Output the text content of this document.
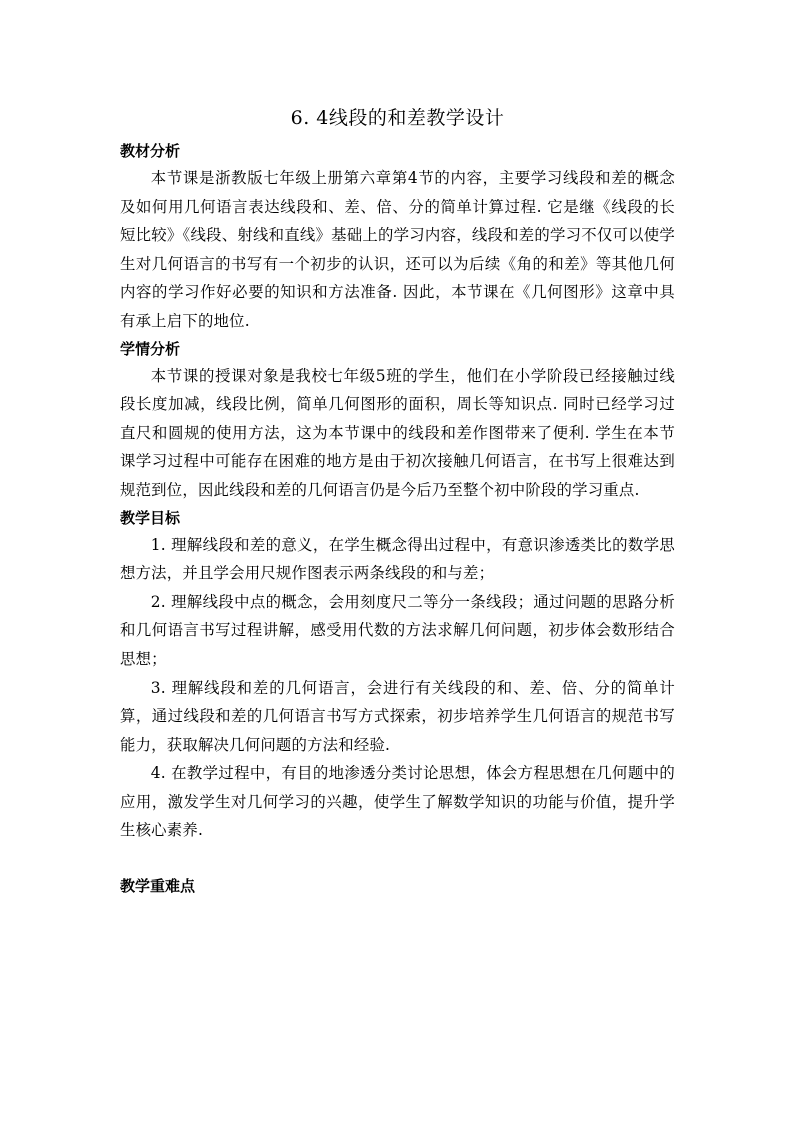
6. 4线段的和差教学设计
教材分析

本节课是浙教版七年级上册第六章第4节的内容，主要学习线段和差的概念及如何用几何语言表达线段和、差、倍、分的简单计算过程. 它是继《线段的长短比较》《线段、射线和直线》基础上的学习内容，线段和差的学习不仅可以使学生对几何语言的书写有一个初步的认识，还可以为后续《角的和差》等其他几何内容的学习作好必要的知识和方法准备. 因此，本节课在《几何图形》这章中具有承上启下的地位.

学情分析

本节课的授课对象是我校七年级5班的学生，他们在小学阶段已经接触过线段长度加减，线段比例，简单几何图形的面积，周长等知识点. 同时已经学习过直尺和圆规的使用方法，这为本节课中的线段和差作图带来了便利. 学生在本节课学习过程中可能存在困难的地方是由于初次接触几何语言，在书写上很难达到规范到位，因此线段和差的几何语言仍是今后乃至整个初中阶段的学习重点.

教学目标

1. 理解线段和差的意义，在学生概念得出过程中，有意识渗透类比的数学思想方法，并且学会用尺规作图表示两条线段的和与差；

2. 理解线段中点的概念，会用刻度尺二等分一条线段；通过问题的思路分析和几何语言书写过程讲解，感受用代数的方法求解几何问题，初步体会数形结合思想；

3. 理解线段和差的几何语言，会进行有关线段的和、差、倍、分的简单计算，通过线段和差的几何语言书写方式探索，初步培养学生几何语言的规范书写能力，获取解决几何问题的方法和经验.

4. 在教学过程中，有目的地渗透分类讨论思想，体会方程思想在几何题中的应用，激发学生对几何学习的兴趣，使学生了解数学知识的功能与价值，提升学生核心素养.

教学重难点
